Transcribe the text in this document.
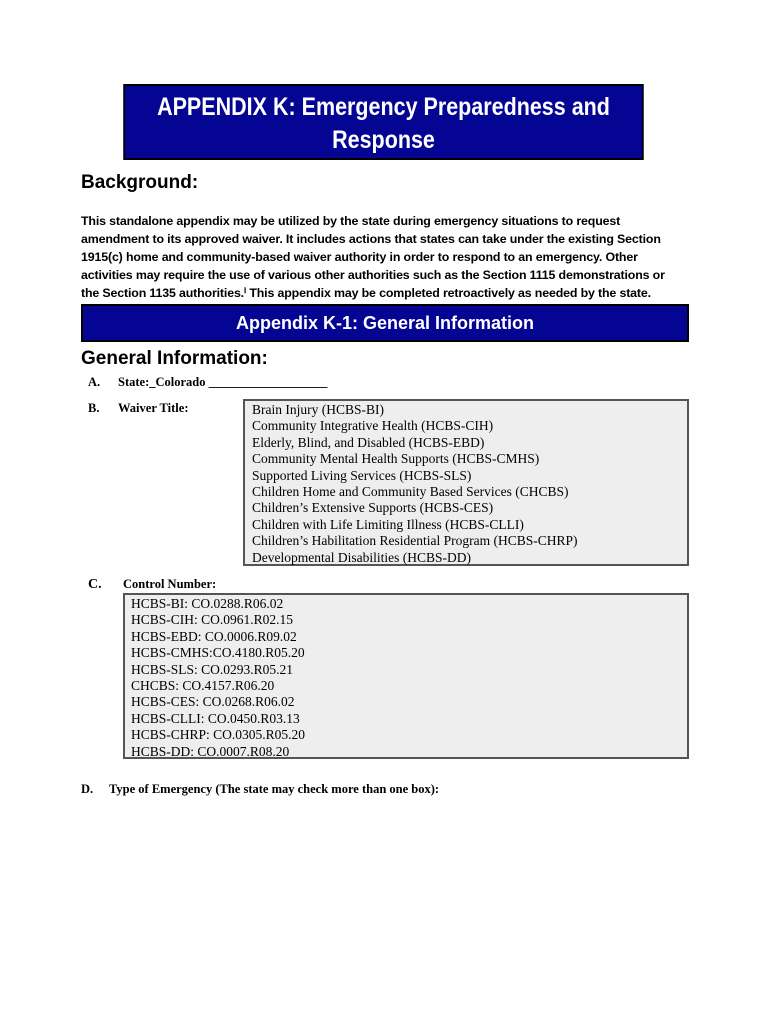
APPENDIX K: Emergency Preparedness and
Response
Background:
This standalone appendix may be utilized by the state during emergency situations to request
amendment to its approved waiver. It includes actions that states can take under the existing Section
1915(c) home and community-based waiver authority in order to respond to an emergency. Other
activities may require the use of various other authorities such as the Section 1115 demonstrations or
the Section 1135 authorities.ⁱ This appendix may be completed retroactively as needed by the state.
Appendix K-1: General Information
General Information:
A. State:_Colorado ___________________
B. Waiver Title:	Brain Injury (HCBS-BI)
Community Integrative Health (HCBS-CIH)
Elderly, Blind, and Disabled (HCBS-EBD)
Community Mental Health Supports (HCBS-CMHS)
Supported Living Services (HCBS-SLS)
Children Home and Community Based Services (CHCBS)
Children’s Extensive Supports (HCBS-CES)
Children with Life Limiting Illness (HCBS-CLLI)
Children’s Habilitation Residential Program (HCBS-CHRP)
Developmental Disabilities (HCBS-DD)
C. Control Number:
HCBS-BI: CO.0288.R06.02
HCBS-CIH: CO.0961.R02.15
HCBS-EBD: CO.0006.R09.02
HCBS-CMHS:CO.4180.R05.20
HCBS-SLS: CO.0293.R05.21
CHCBS: CO.4157.R06.20
HCBS-CES: CO.0268.R06.02
HCBS-CLLI: CO.0450.R03.13
HCBS-CHRP: CO.0305.R05.20
HCBS-DD: CO.0007.R08.20
D. Type of Emergency (The state may check more than one box):
